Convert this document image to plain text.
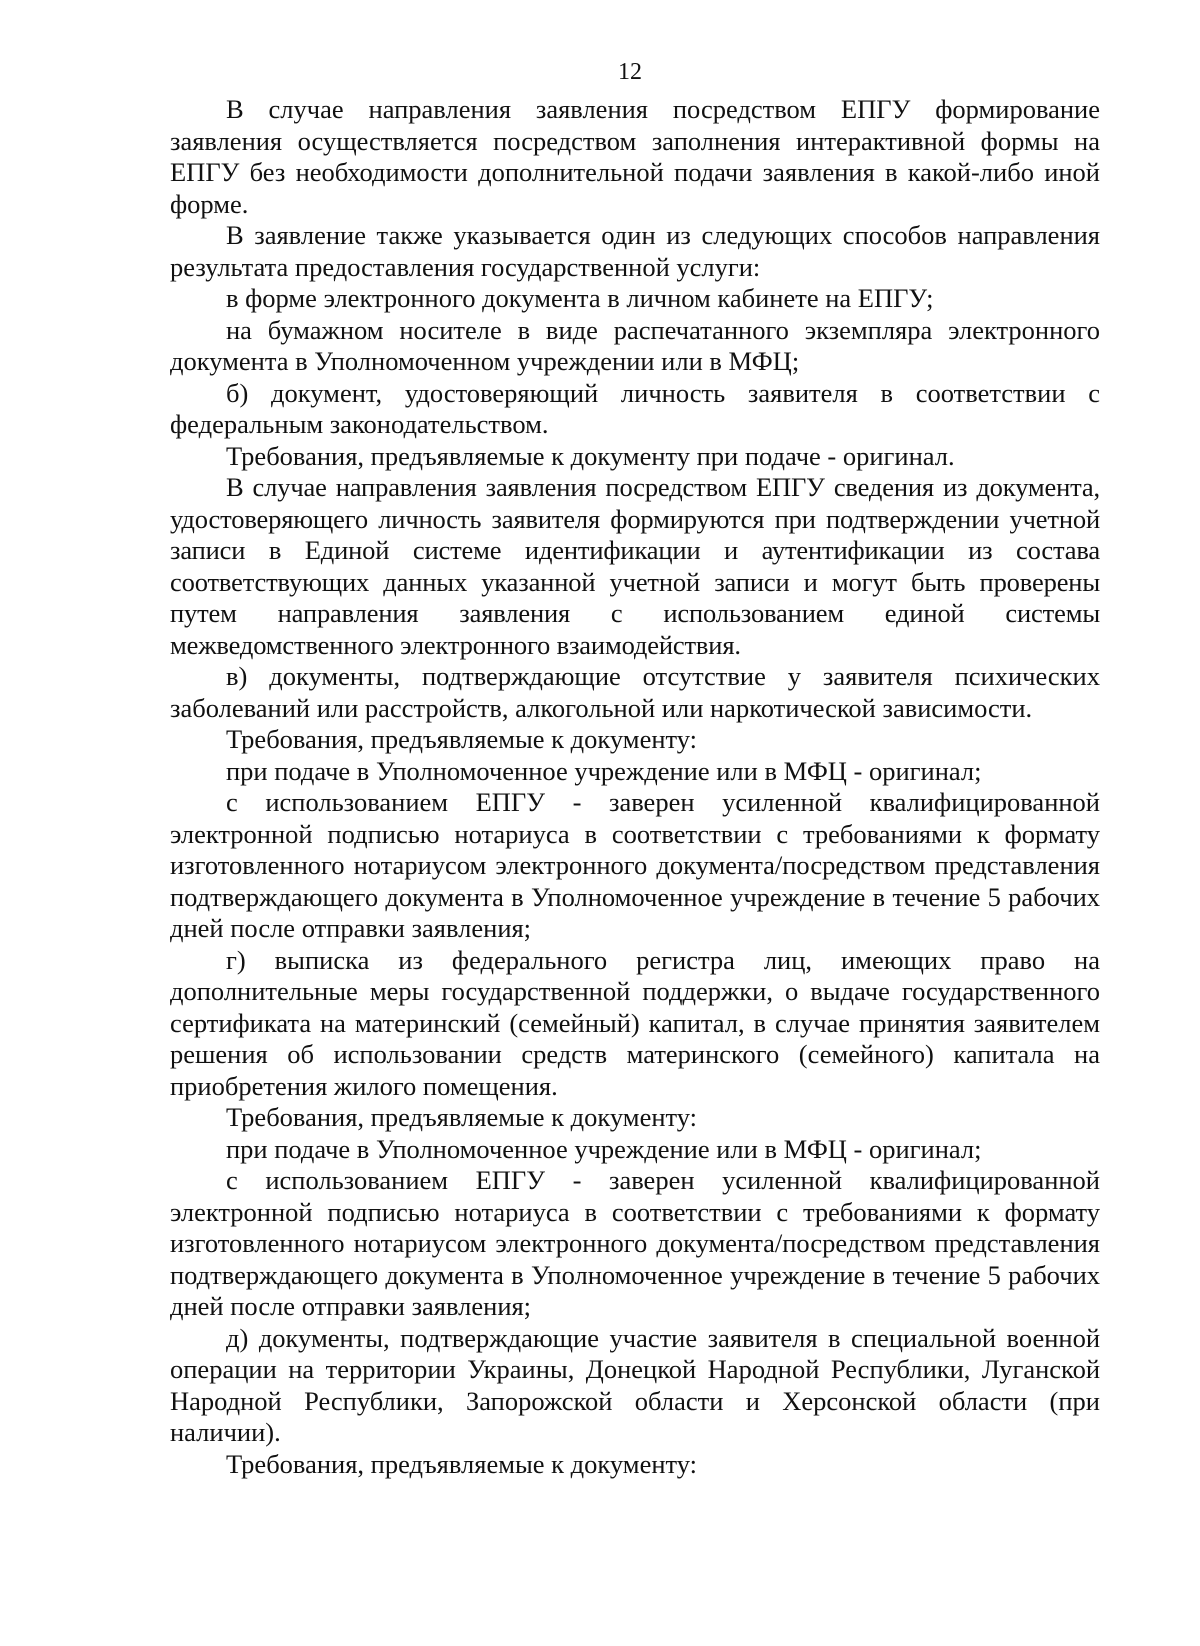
12

В случае направления заявления посредством ЕПГУ формирование заявления осуществляется посредством заполнения интерактивной формы на ЕПГУ без необходимости дополнительной подачи заявления в какой-либо иной форме.

В заявление также указывается один из следующих способов направления результата предоставления государственной услуги:

в форме электронного документа в личном кабинете на ЕПГУ;

на бумажном носителе в виде распечатанного экземпляра электронного документа в Уполномоченном учреждении или в МФЦ;

б) документ, удостоверяющий личность заявителя в соответствии с федеральным законодательством.

Требования, предъявляемые к документу при подаче - оригинал.

В случае направления заявления посредством ЕПГУ сведения из документа, удостоверяющего личность заявителя формируются при подтверждении учетной записи в Единой системе идентификации и аутентификации из состава соответствующих данных указанной учетной записи и могут быть проверены путем направления заявления с использованием единой системы межведомственного электронного взаимодействия.

в) документы, подтверждающие отсутствие у заявителя психических заболеваний или расстройств, алкогольной или наркотической зависимости.

Требования, предъявляемые к документу:

при подаче в Уполномоченное учреждение или в МФЦ - оригинал;

с использованием ЕПГУ - заверен усиленной квалифицированной электронной подписью нотариуса в соответствии с требованиями к формату изготовленного нотариусом электронного документа/посредством представления подтверждающего документа в Уполномоченное учреждение в течение 5 рабочих дней после отправки заявления;

г) выписка из федерального регистра лиц, имеющих право на дополнительные меры государственной поддержки, о выдаче государственного сертификата на материнский (семейный) капитал, в случае принятия заявителем решения об использовании средств материнского (семейного) капитала на приобретения жилого помещения.

Требования, предъявляемые к документу:

при подаче в Уполномоченное учреждение или в МФЦ - оригинал;

с использованием ЕПГУ - заверен усиленной квалифицированной электронной подписью нотариуса в соответствии с требованиями к формату изготовленного нотариусом электронного документа/посредством представления подтверждающего документа в Уполномоченное учреждение в течение 5 рабочих дней после отправки заявления;

д) документы, подтверждающие участие заявителя в специальной военной операции на территории Украины, Донецкой Народной Республики, Луганской Народной Республики, Запорожской области и Херсонской области (при наличии).

Требования, предъявляемые к документу:
